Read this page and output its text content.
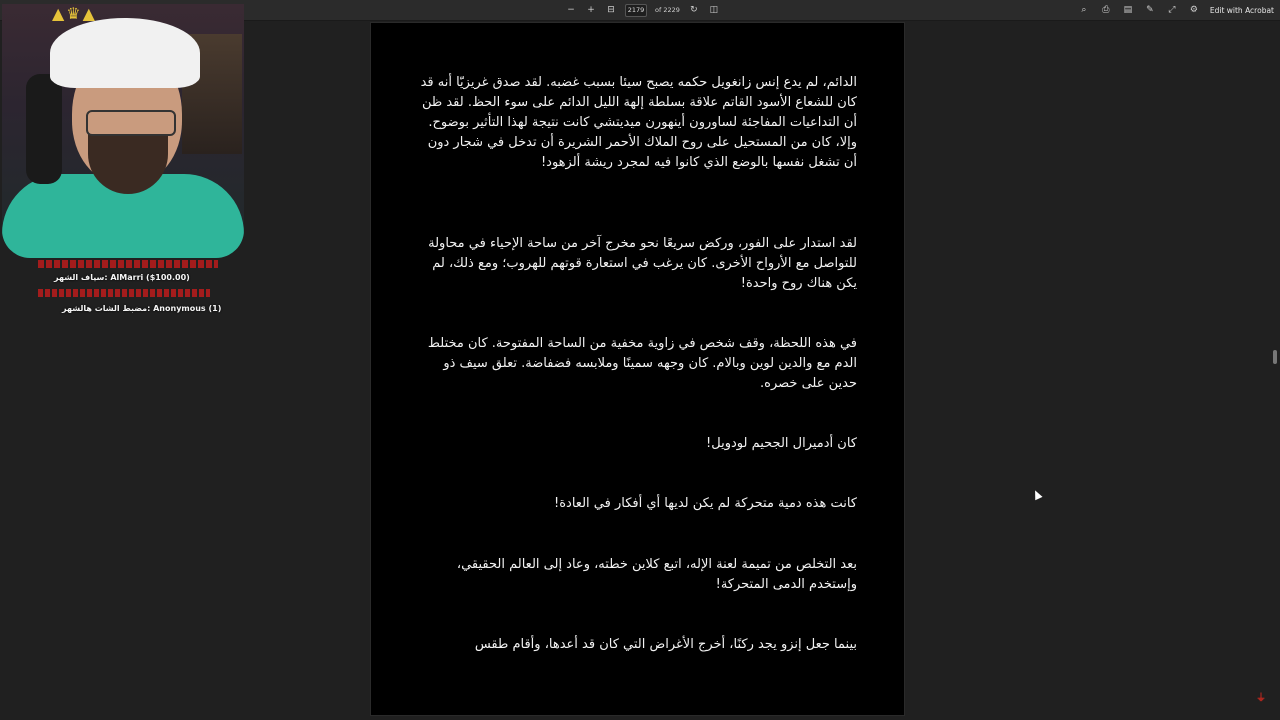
− + ⊟	2179	of 2229 ↻ ◫	⌕	⎙ ▤ ✎ ⤢ ⚙ Edit with Acrobat

الدائم، لم يدع إنس زانغويل حكمه يصبح سيئا بسبب غضبه. لقد صدق غريزيّا أنه قد كان للشعاع الأسود القاتم علاقة بسلطة إلهة الليل الدائم على سوء الحظ. لقد ظن أن التداعيات المفاجئة لساورون أينهورن ميديتشي كانت نتيجة لهذا التأثير بوضوح. وإلا، كان من المستحيل على روح الملاك الأحمر الشريرة أن تدخل في شجار دون أن تشغل نفسها بالوضع الذي كانوا فيه لمجرد ريشة ألزهود!

لقد استدار على الفور، وركض سريعًا نحو مخرج آخر من ساحة الإحياء في محاولة للتواصل مع الأرواح الأخرى. كان يرغب في استعارة قوتهم للهروب؛ ومع ذلك، لم يكن هناك روح واحدة!

في هذه اللحظة، وقف شخص في زاوية مخفية من الساحة المفتوحة. كان مختلط الدم مع والدين لوين وبالام. كان وجهه سمينًا وملابسه فضفاضة. تعلق سيف ذو حدين على خصره.

كان أدميرال الجحيم لودويل!

كانت هذه دمية متحركة لم يكن لديها أي أفكار في العادة!

بعد التخلص من تميمة لعنة الإله، اتبع كلاين خطته، وعاد إلى العالم الحقيقي، وإستخدم الدمى المتحركة!

بينما جعل إنزو يجد ركنًا، أخرج الأغراض التي كان قد أعدها، وأقام طقس

⏚
▲♛▲
سياف الشهر: AlMarri ($100.00)
مضبط الشات هالشهر: Anonymous (1)
